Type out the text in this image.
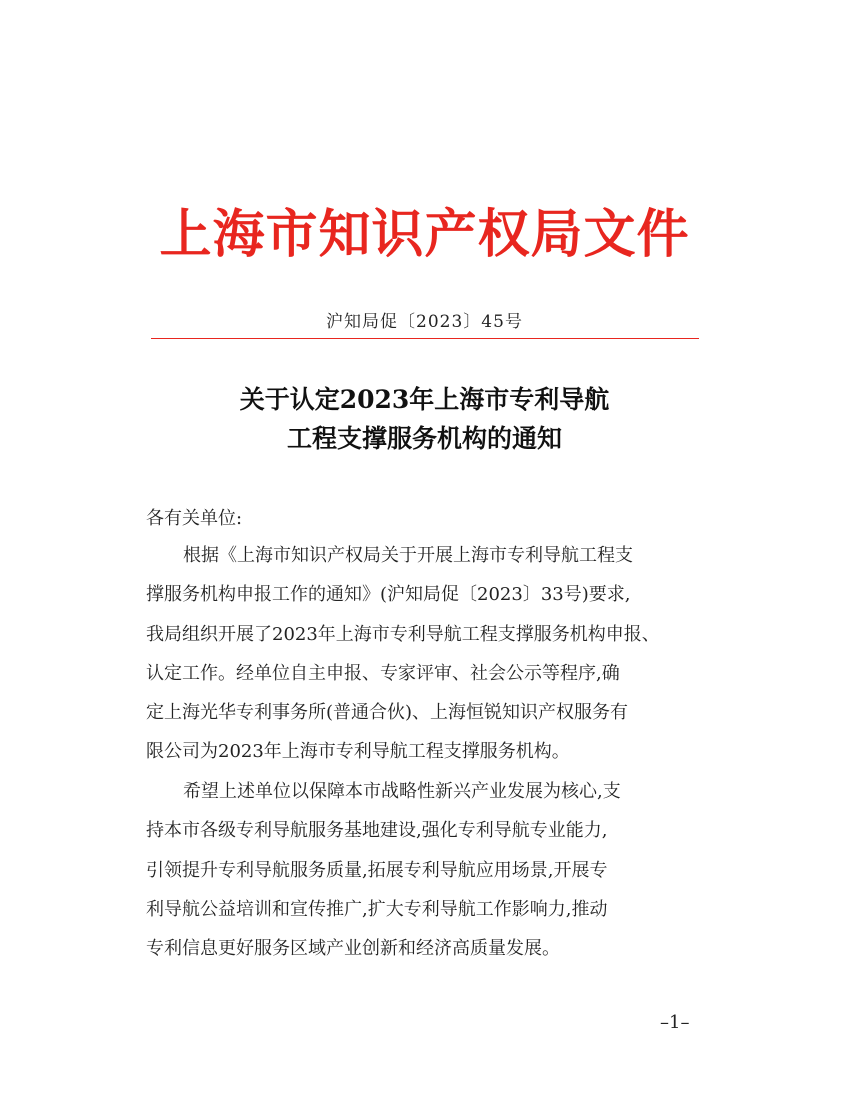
上海市知识产权局文件
沪知局促〔2023〕45号
关于认定2023年上海市专利导航
工程支撑服务机构的通知
各有关单位:
根据《上海市知识产权局关于开展上海市专利导航工程支
撑服务机构申报工作的通知》(沪知局促〔2023〕33号)要求,
我局组织开展了2023年上海市专利导航工程支撑服务机构申报、
认定工作。经单位自主申报、专家评审、社会公示等程序,确
定上海光华专利事务所(普通合伙)、上海恒锐知识产权服务有
限公司为2023年上海市专利导航工程支撑服务机构。
希望上述单位以保障本市战略性新兴产业发展为核心,支
持本市各级专利导航服务基地建设,强化专利导航专业能力,
引领提升专利导航服务质量,拓展专利导航应用场景,开展专
利导航公益培训和宣传推广,扩大专利导航工作影响力,推动
专利信息更好服务区域产业创新和经济高质量发展。
–1–
